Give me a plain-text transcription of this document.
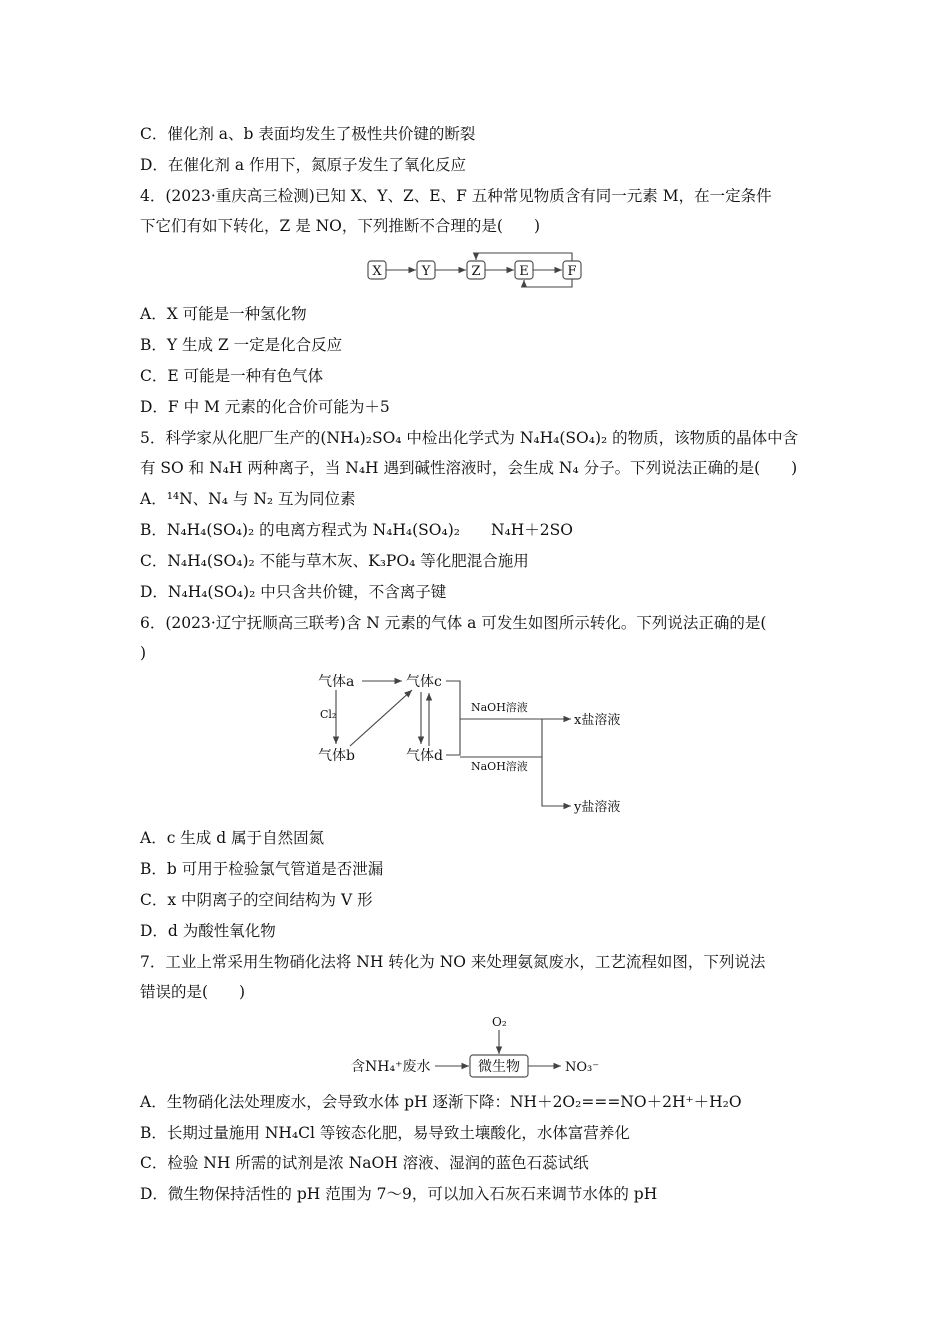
C．催化剂 a、b 表面均发生了极性共价键的断裂
D．在催化剂 a 作用下，氮原子发生了氧化反应
4．(2023·重庆高三检测)已知 X、Y、Z、E、F 五种常见物质含有同一元素 M，在一定条件
下它们有如下转化，Z 是 NO，下列推断不合理的是(　　)
X	Y	Z	E	F
A．X 可能是一种氢化物
B．Y 生成 Z 一定是化合反应
C．E 可能是一种有色气体
D．F 中 M 元素的化合价可能为＋5
5．科学家从化肥厂生产的(NH₄)₂SO₄ 中检出化学式为 N₄H₄(SO₄)₂ 的物质，该物质的晶体中含
有 SO 和 N₄H 两种离子，当 N₄H 遇到碱性溶液时，会生成 N₄ 分子。下列说法正确的是(　　)
A．¹⁴N、N₄ 与 N₂ 互为同位素
B．N₄H₄(SO₄)₂ 的电离方程式为 N₄H₄(SO₄)₂　　N₄H＋2SO
C．N₄H₄(SO₄)₂ 不能与草木灰、K₃PO₄ 等化肥混合施用
D．N₄H₄(SO₄)₂ 中只含共价键，不含离子键
6．(2023·辽宁抚顺高三联考)含 N 元素的气体 a 可发生如图所示转化。下列说法正确的是(
)
气体a
气体b
气体c
气体d
Cl₂
NaOH溶液
NaOH溶液
x盐溶液
y盐溶液
A．c 生成 d 属于自然固氮
B．b 可用于检验氯气管道是否泄漏
C．x 中阴离子的空间结构为 V 形
D．d 为酸性氧化物
7．工业上常采用生物硝化法将 NH 转化为 NO 来处理氨氮废水，工艺流程如图，下列说法
错误的是(　　)
O₂
含NH₄⁺废水	微生物	NO₃⁻
A．生物硝化法处理废水，会导致水体 pH 逐渐下降：NH＋2O₂===NO＋2H⁺＋H₂O
B．长期过量施用 NH₄Cl 等铵态化肥，易导致土壤酸化，水体富营养化
C．检验 NH 所需的试剂是浓 NaOH 溶液、湿润的蓝色石蕊试纸
D．微生物保持活性的 pH 范围为 7～9，可以加入石灰石来调节水体的 pH
